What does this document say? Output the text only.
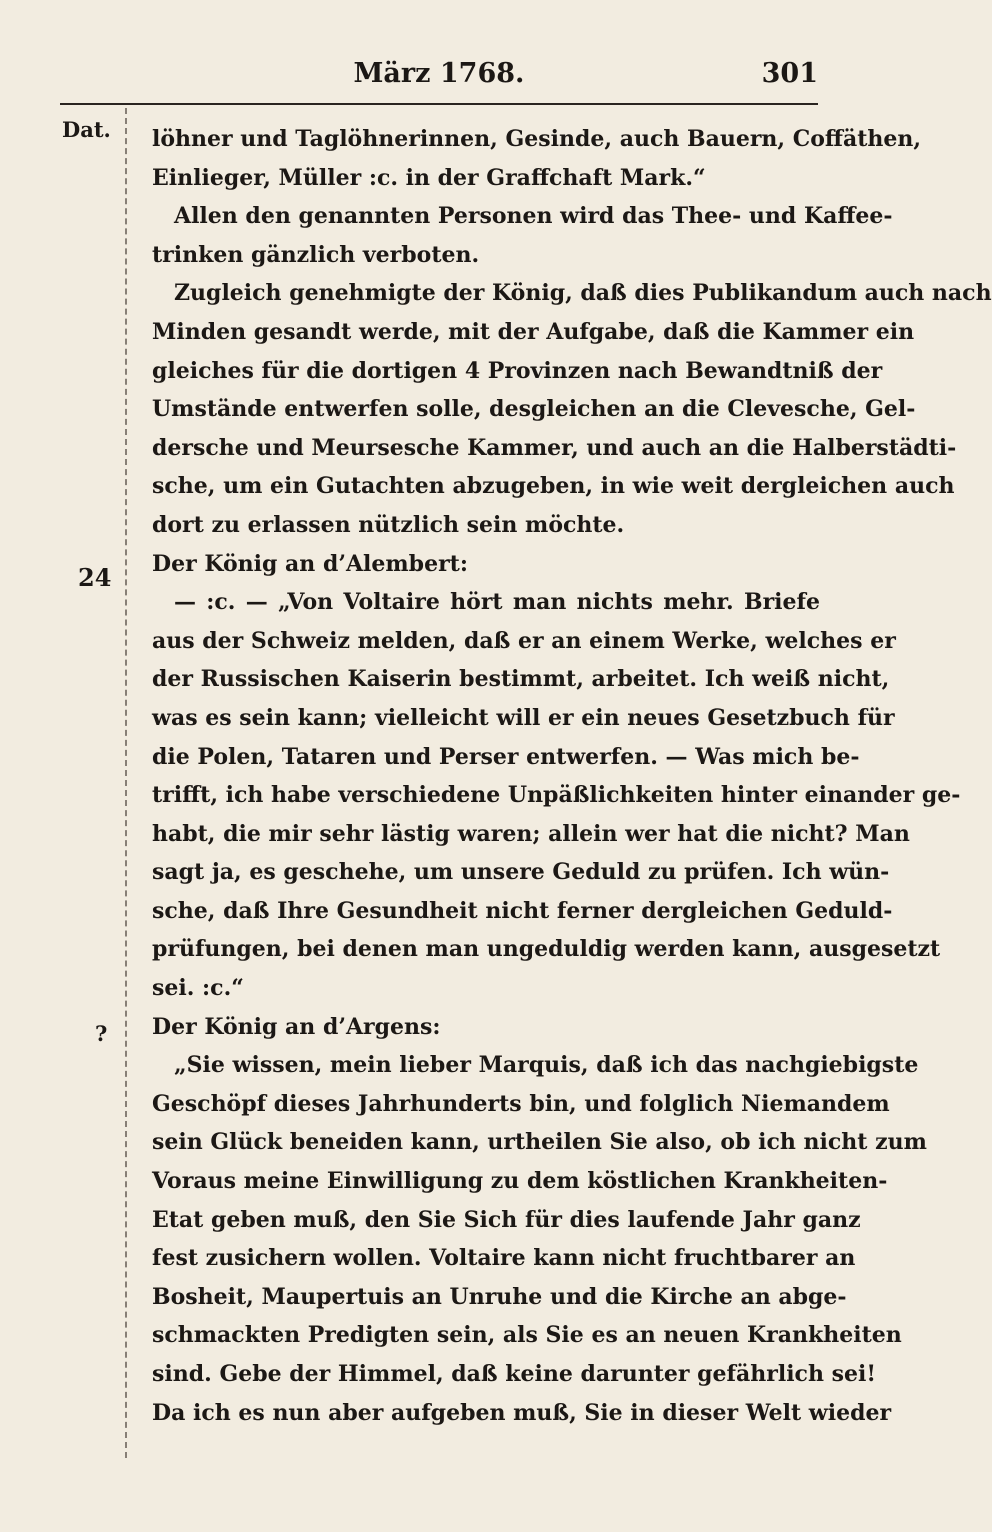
März 1768.	301
Dat.
24
?
löhner und Taglöhnerinnen, Gesinde, auch Bauern, Coffäthen,
Einlieger, Müller :c. in der Graffchaft Mark.“
Allen den genannten Personen wird das Thee- und Kaffee-
trinken gänzlich verboten.
Zugleich genehmigte der König, daß dies Publikandum auch nach
Minden gesandt werde, mit der Aufgabe, daß die Kammer ein
gleiches für die dortigen 4 Provinzen nach Bewandtniß der
Umstände entwerfen solle, desgleichen an die Clevesche, Gel-
dersche und Meursesche Kammer, und auch an die Halberstädti-
sche, um ein Gutachten abzugeben, in wie weit dergleichen auch
dort zu erlassen nützlich sein möchte.
Der König an d’Alembert:
— :c. — „Von Voltaire hört man nichts mehr. Briefe
aus der Schweiz melden, daß er an einem Werke, welches er
der Russischen Kaiserin bestimmt, arbeitet. Ich weiß nicht,
was es sein kann; vielleicht will er ein neues Gesetzbuch für
die Polen, Tataren und Perser entwerfen. — Was mich be-
trifft, ich habe verschiedene Unpäßlichkeiten hinter einander ge-
habt, die mir sehr lästig waren; allein wer hat die nicht? Man
sagt ja, es geschehe, um unsere Geduld zu prüfen. Ich wün-
sche, daß Ihre Gesundheit nicht ferner dergleichen Geduld-
prüfungen, bei denen man ungeduldig werden kann, ausgesetzt
sei. :c.“
Der König an d’Argens:
„Sie wissen, mein lieber Marquis, daß ich das nachgiebigste
Geschöpf dieses Jahrhunderts bin, und folglich Niemandem
sein Glück beneiden kann, urtheilen Sie also, ob ich nicht zum
Voraus meine Einwilligung zu dem köstlichen Krankheiten-
Etat geben muß, den Sie Sich für dies laufende Jahr ganz
fest zusichern wollen. Voltaire kann nicht fruchtbarer an
Bosheit, Maupertuis an Unruhe und die Kirche an abge-
schmackten Predigten sein, als Sie es an neuen Krankheiten
sind. Gebe der Himmel, daß keine darunter gefährlich sei!
Da ich es nun aber aufgeben muß, Sie in dieser Welt wieder
